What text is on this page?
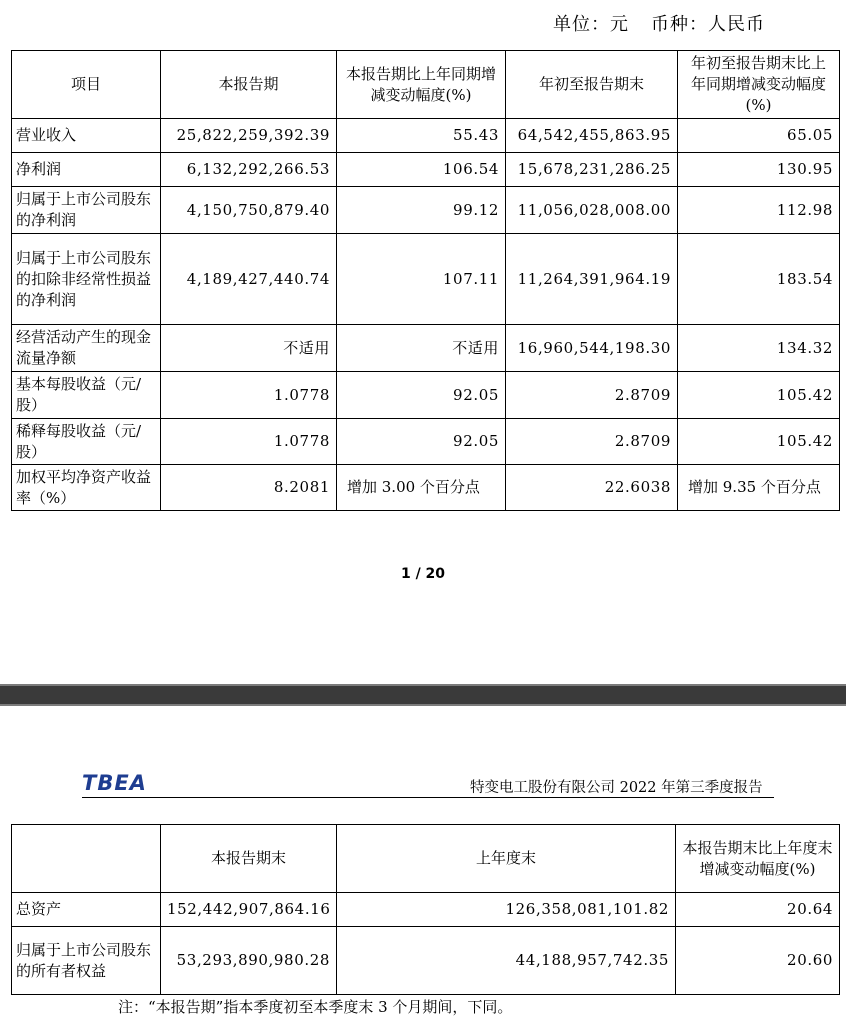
单位：元 币种：人民币
项目	本报告期	本报告期比上年同期增减变动幅度(%)	年初至报告期末	年初至报告期末比上年同期增减变动幅度(%)
营业收入	25,822,259,392.39	55.43	64,542,455,863.95	65.05
净利润	6,132,292,266.53	106.54	15,678,231,286.25	130.95
归属于上市公司股东的净利润	4,150,750,879.40	99.12	11,056,028,008.00	112.98
归属于上市公司股东的扣除非经常性损益的净利润	4,189,427,440.74	107.11	11,264,391,964.19	183.54
经营活动产生的现金流量净额	不适用	不适用	16,960,544,198.30	134.32
基本每股收益（元/股）	1.0778	92.05	2.8709	105.42
稀释每股收益（元/股）	1.0778	92.05	2.8709	105.42
加权平均净资产收益率（%）	8.2081	增加 3.00 个百分点	22.6038	增加 9.35 个百分点
1 / 20
TBEA	特变电工股份有限公司 2022 年第三季度报告
	本报告期末	上年度末	本报告期末比上年度末增减变动幅度(%)
总资产	152,442,907,864.16	126,358,081,101.82	20.64
归属于上市公司股东的所有者权益	53,293,890,980.28	44,188,957,742.35	20.60
注：“本报告期”指本季度初至本季度末 3 个月期间，下同。
